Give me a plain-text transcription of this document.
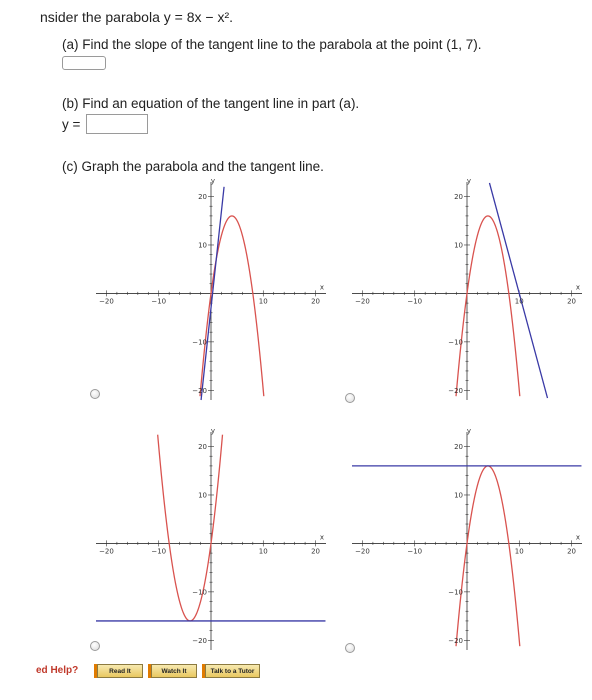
nsider the parabola y = 8x − x².
(a) Find the slope of the tangent line to the parabola at the point (1, 7).
(b) Find an equation of the tangent line in part (a).
y =
(c) Graph the parabola and the tangent line.
−20
−20
−10
−10
10
10
20
20
x
y
−20
−20
−10
−10
10
10
20
20
x
y
−20
−20
−10
−10
10
10
20
20
x
y
−20
−20
−10
−10
10
10
20
20
x
y
ed Help?	Read It	Watch It	Talk to a Tutor
